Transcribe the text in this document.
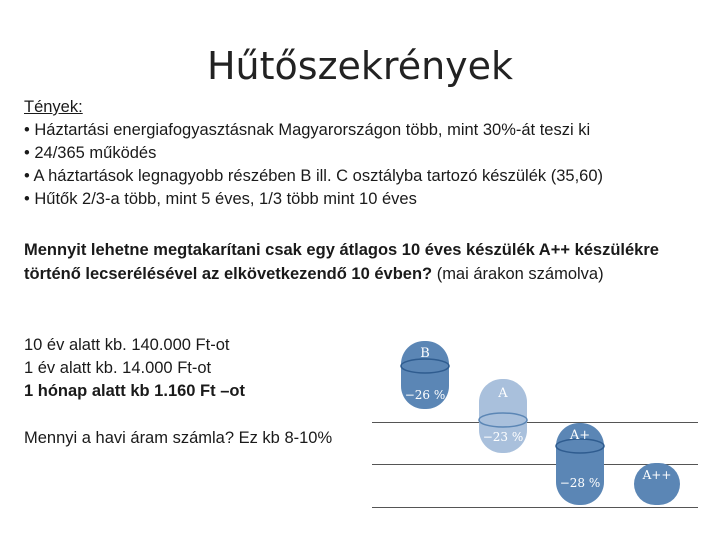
Hűtőszekrények
Tények:
• Háztartási energiafogyasztásnak Magyarországon több, mint 30%-át teszi ki
• 24/365 működés
• A háztartások legnagyobb részében B ill. C osztályba tartozó készülék (35,60)
• Hűtők 2/3-a több, mint 5 éves, 1/3 több mint 10 éves
Mennyit lehetne megtakarítani csak egy átlagos 10 éves készülék A++ készülékre történő lecserélésével az elkövetkezendő 10 évben? (mai árakon számolva)
10 év alatt kb. 140.000 Ft-ot
1 év alatt kb. 14.000 Ft-ot
1 hónap alatt kb 1.160 Ft –ot
Mennyi a havi áram számla? Ez kb 8-10%
B
−26 %	A
−23 %	A+
−28 %
A++
